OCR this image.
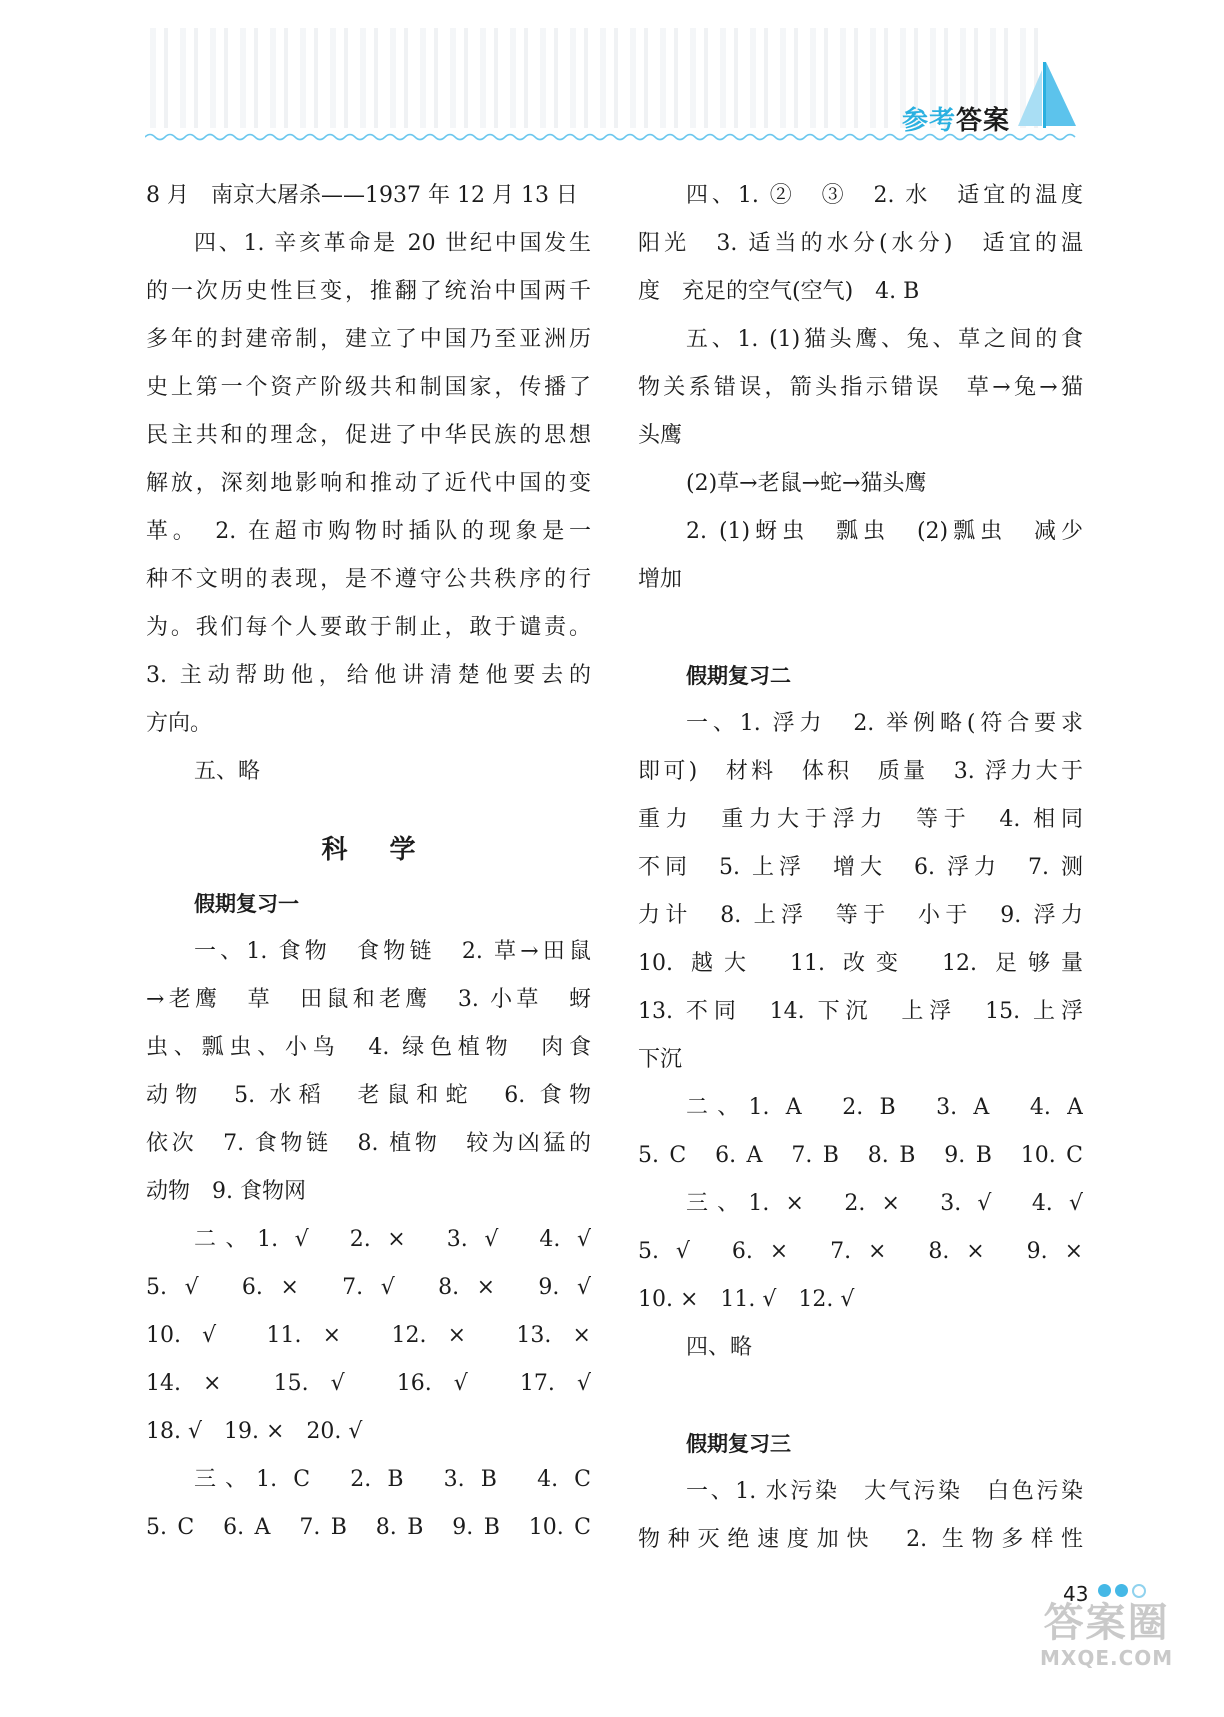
参考答案
8 月　南京大屠杀——1937 年 12 月 13 日
四、1. 辛亥革命是 20 世纪中国发生
的一次历史性巨变，推翻了统治中国两千
多年的封建帝制，建立了中国乃至亚洲历
史上第一个资产阶级共和制国家，传播了
民主共和的理念，促进了中华民族的思想
解放，深刻地影响和推动了近代中国的变
革。　2. 在超市购物时插队的现象是一
种不文明的表现，是不遵守公共秩序的行
为。我们每个人要敢于制止，敢于谴责。
3. 主动帮助他，给他讲清楚他要去的
方向。
五、略
科学
假期复习一
一、1. 食物　食物链　2. 草→田鼠
→老鹰　草　田鼠和老鹰　3. 小草　蚜
虫、瓢虫、小鸟　4. 绿色植物　肉食
动物　5. 水稻　老鼠和蛇　6. 食物
依次　7. 食物链　8. 植物　较为凶猛的
动物　9. 食物网
二、1. √　2. ×　3. √　4. √
5. √　6. ×　7. √　8. ×　9. √
10. √　11. ×　12. ×　13. ×
14. ×　15. √　16. √　17. √
18. √　19. ×　20. √
三、1. C　2. B　3. B　4. C
5. C　6. A　7. B　8. B　9. B　10. C
四、1. ②　③　2. 水　适宜的温度
阳光　3. 适当的水分(水分)　适宜的温
度　充足的空气(空气)　4. B
五、1. (1)猫头鹰、兔、草之间的食
物关系错误，箭头指示错误　草→兔→猫
头鹰
(2)草→老鼠→蛇→猫头鹰
2. (1)蚜虫　瓢虫　(2)瓢虫　减少
增加
假期复习二
一、1. 浮力　2. 举例略(符合要求
即可)　材料　体积　质量　3. 浮力大于
重力　重力大于浮力　等于　4. 相同
不同　5. 上浮　增大　6. 浮力　7. 测
力计　8. 上浮　等于　小于　9. 浮力
10. 越大　11. 改变　12. 足够量
13. 不同　14. 下沉　上浮　15. 上浮
下沉
二、1. A　2. B　3. A　4. A
5. C　6. A　7. B　8. B　9. B　10. C
三、1. ×　2. ×　3. √　4. √
5. √　6. ×　7. ×　8. ×　9. ×
10. ×　11. √　12. √
四、略
假期复习三
一、1. 水污染　大气污染　白色污染
物种灭绝速度加快　2. 生物多样性
43
答案圈
MXQE.COM
